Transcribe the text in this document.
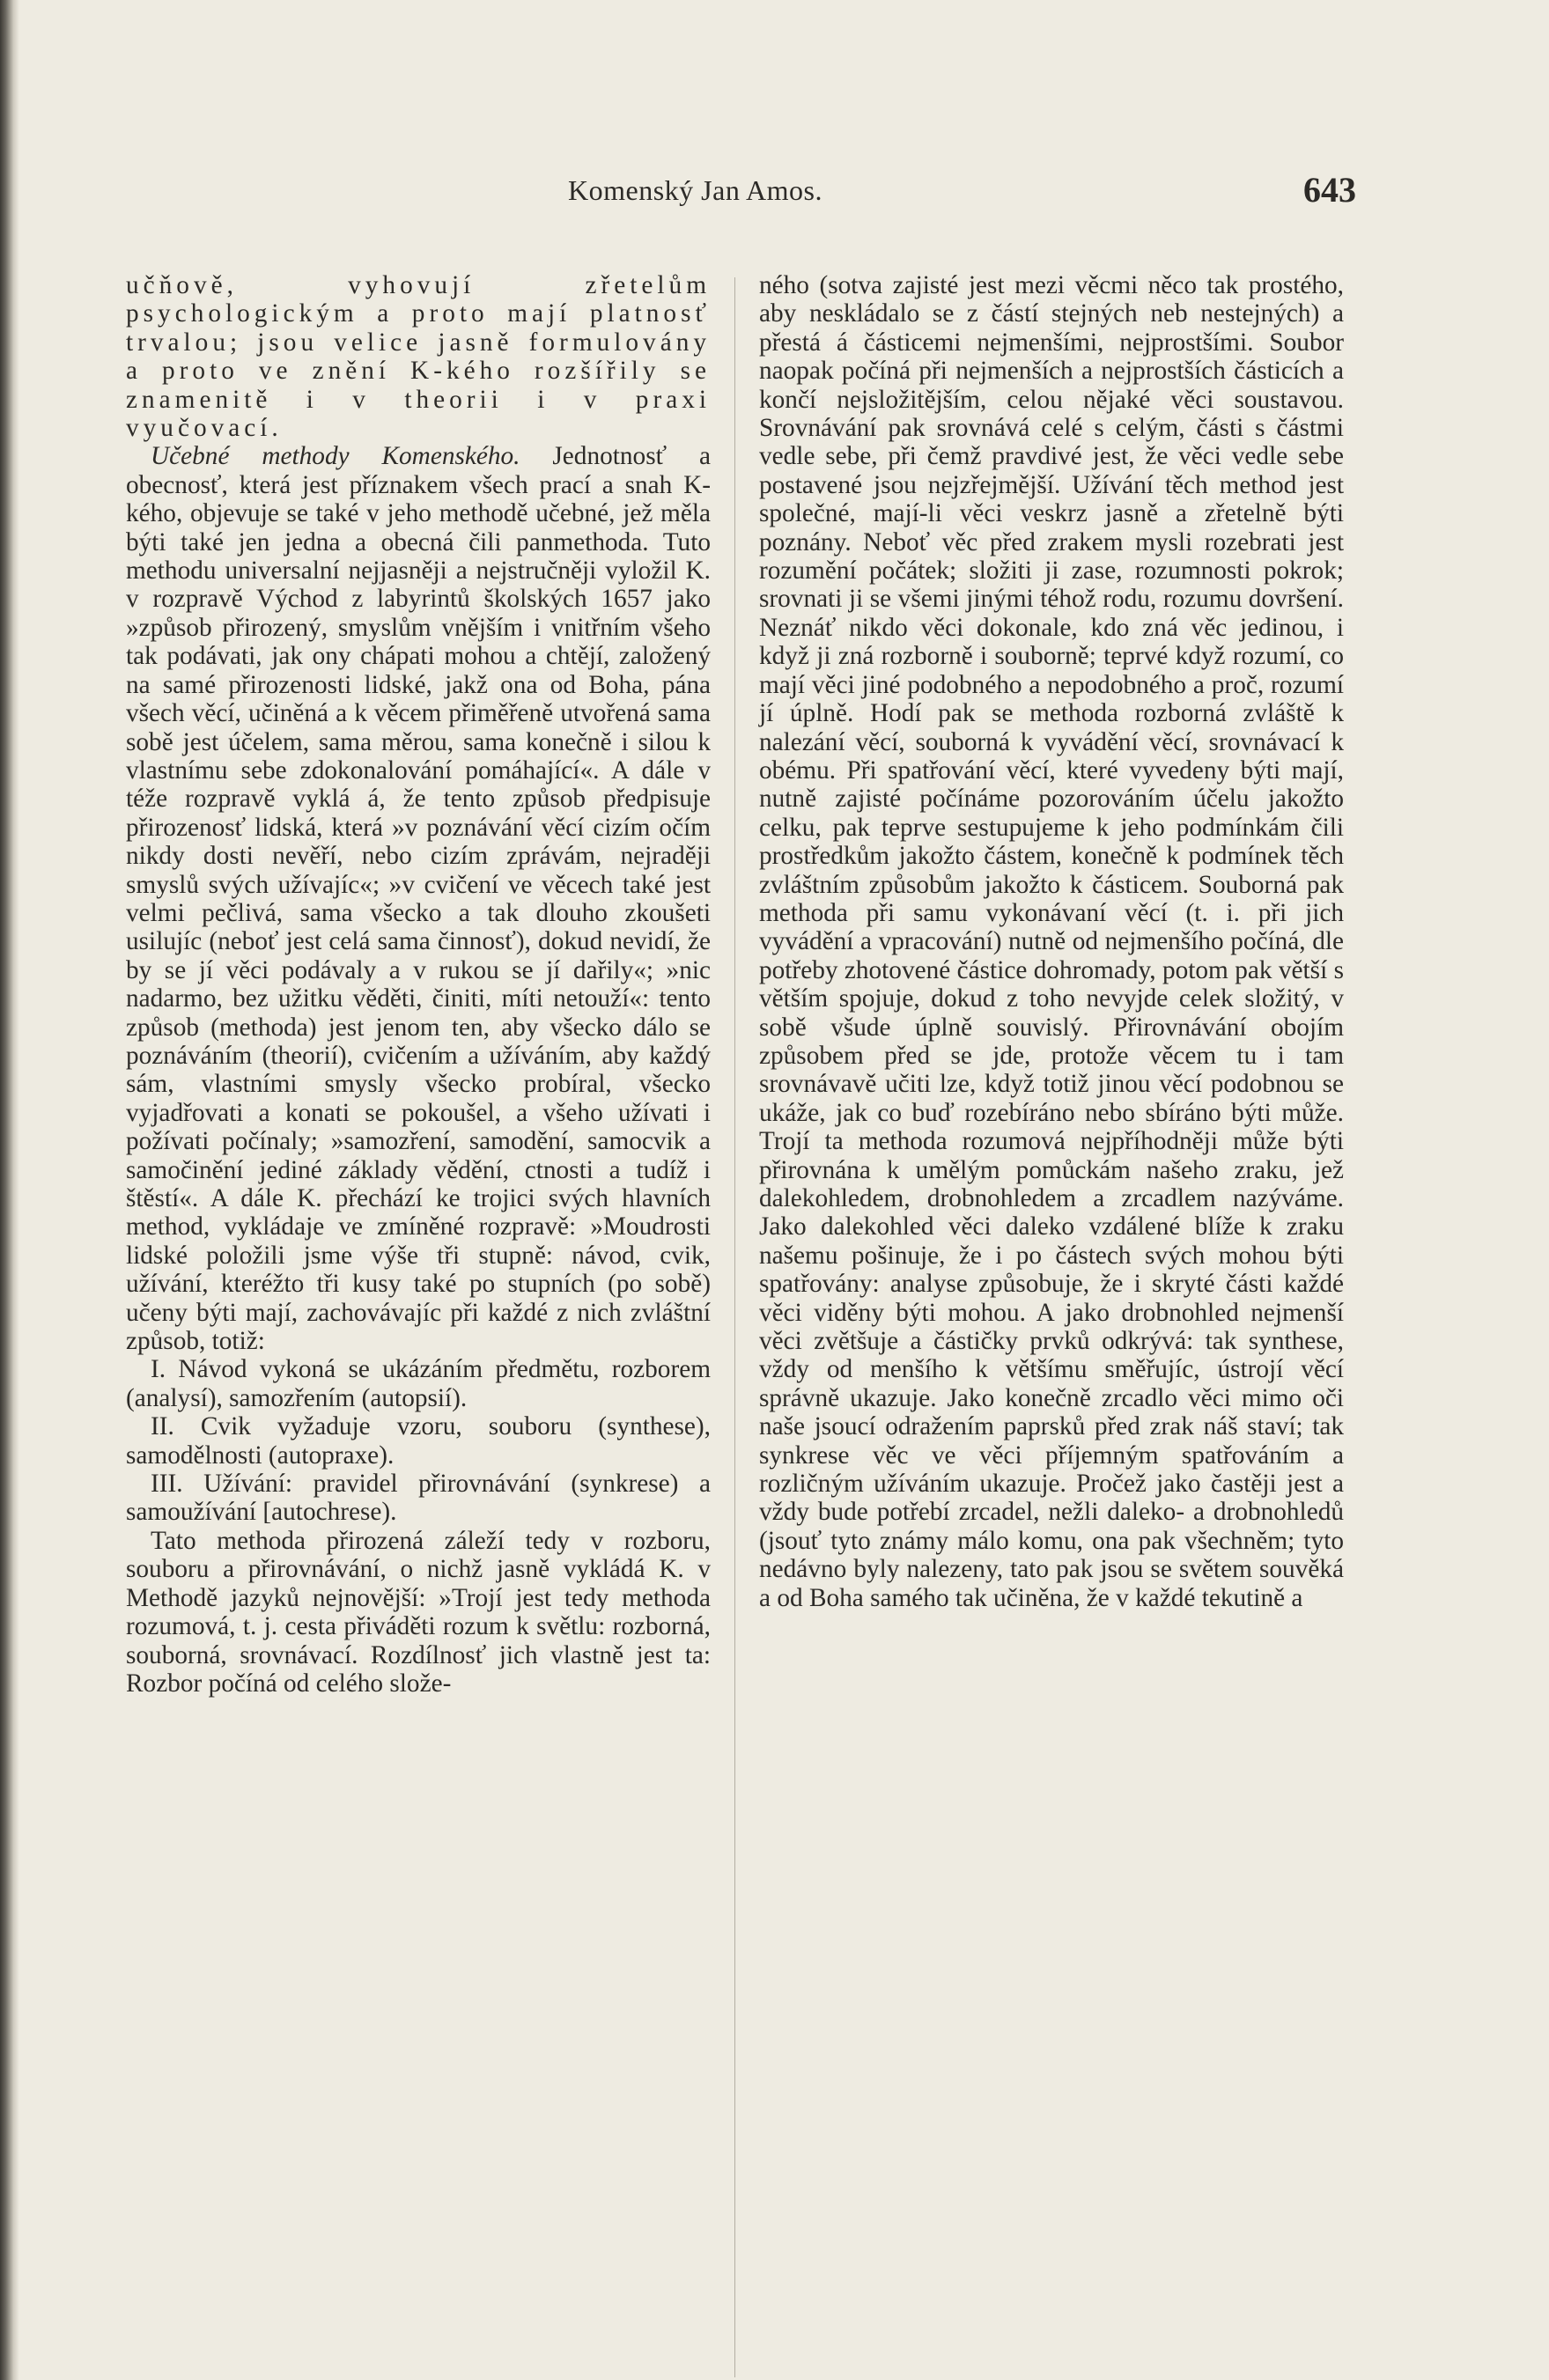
Komenský Jan Amos.	643

učňově, vyhovují zřetelům psychologickým a proto mají platnosť trvalou; jsou velice jasně formulovány a proto ve znění K-kého rozšířily se znamenitě i v theorii i v praxi vyučovací.

Učebné methody Komenského. Jednotnosť a obecnosť, která jest příznakem všech prací a snah K-kého, objevuje se také v jeho methodě učebné, jež měla býti také jen jedna a obecná čili panmethoda. Tuto methodu universalní nejjasněji a nejstručněji vyložil K. v rozpravě Východ z labyrintů školských 1657 jako »způsob přirozený, smyslům vnějším i vnitřním všeho tak podávati, jak ony chápati mohou a chtějí, založený na samé přirozenosti lidské, jakž ona od Boha, pána všech věcí, učiněná a k věcem přiměřeně utvořená sama sobě jest účelem, sama měrou, sama konečně i silou k vlastnímu sebe zdokonalování pomáhající«. A dále v téže rozpravě vyklá á, že tento způsob předpisuje přirozenosť lidská, která »v poznávání věcí cizím očím nikdy dosti nevěří, nebo cizím zprávám, nejraději smyslů svých užívajíc«; »v cvičení ve věcech také jest velmi pečlivá, sama všecko a tak dlouho zkoušeti usilujíc (neboť jest celá sama činnosť), dokud nevidí, že by se jí věci podávaly a v rukou se jí dařily«; »nic nadarmo, bez užitku věděti, činiti, míti netouží«: tento způsob (methoda) jest jenom ten, aby všecko dálo se poznáváním (theorií), cvičením a užíváním, aby každý sám, vlastními smysly všecko probíral, všecko vyjadřovati a konati se pokoušel, a všeho užívati i požívati počínaly; »samozření, samodění, samocvik a samočinění jediné základy vědění, ctnosti a tudíž i štěstí«. A dále K. přechází ke trojici svých hlavních method, vykládaje ve zmíněné rozpravě: »Moudrosti lidské položili jsme výše tři stupně: návod, cvik, užívání, kteréžto tři kusy také po stupních (po sobě) učeny býti mají, zachovávajíc při každé z nich zvláštní způsob, totiž:

I. Návod vykoná se ukázáním předmětu, rozborem (analysí), samozřením (autopsií).

II. Cvik vyžaduje vzoru, souboru (synthese), samodělnosti (autopraxe).

III. Užívání: pravidel přirovnávání (synkrese) a samoužívání [autochrese).

Tato methoda přirozená záleží tedy v rozboru, souboru a přirovnávání, o nichž jasně vykládá K. v Methodě jazyků nejnovější: »Trojí jest tedy methoda rozumová, t. j. cesta přiváděti rozum k světlu: rozborná, souborná, srovnávací. Rozdílnosť jich vlastně jest ta: Rozbor počíná od celého slože-

ného (sotva zajisté jest mezi věcmi něco tak prostého, aby neskládalo se z částí stejných neb nestejných) a přestá á částicemi nejmenšími, nejprostšími. Soubor naopak počíná při nejmenších a nejprostších částicích a končí nejsložitějším, celou nějaké věci soustavou. Srovnávání pak srovnává celé s celým, části s částmi vedle sebe, při čemž pravdivé jest, že věci vedle sebe postavené jsou nejzřejmější. Užívání těch method jest společné, mají-li věci veskrz jasně a zřetelně býti poznány. Neboť věc před zrakem mysli rozebrati jest rozumění počátek; složiti ji zase, rozumnosti pokrok; srovnati ji se všemi jinými téhož rodu, rozumu dovršení. Neznáť nikdo věci dokonale, kdo zná věc jedinou, i když ji zná rozborně i souborně; teprvé když rozumí, co mají věci jiné podobného a nepodobného a proč, rozumí jí úplně. Hodí pak se methoda rozborná zvláště k nalezání věcí, souborná k vyvádění věcí, srovnávací k obému. Při spatřování věcí, které vyvedeny býti mají, nutně zajisté počínáme pozorováním účelu jakožto celku, pak teprve sestupujeme k jeho podmínkám čili prostředkům jakožto částem, konečně k podmínek těch zvláštním způsobům jakožto k částicem. Souborná pak methoda při samu vykonávaní věcí (t. i. při jich vyvádění a vpracování) nutně od nejmenšího počíná, dle potřeby zhotovené částice dohromady, potom pak větší s větším spojuje, dokud z toho nevyjde celek složitý, v sobě všude úplně souvislý. Přirovnávání obojím způsobem před se jde, protože věcem tu i tam srovnávavě učiti lze, když totiž jinou věcí podobnou se ukáže, jak co buď rozebíráno nebo sbíráno býti může. Trojí ta methoda rozumová nejpříhodněji může býti přirovnána k umělým pomůckám našeho zraku, jež dalekohledem, drobnohledem a zrcadlem nazýváme. Jako dalekohled věci daleko vzdálené blíže k zraku našemu pošinuje, že i po částech svých mohou býti spatřovány: analyse způsobuje, že i skryté části každé věci viděny býti mohou. A jako drobnohled nejmenší věci zvětšuje a částičky prvků odkrývá: tak synthese, vždy od menšího k většímu směřujíc, ústrojí věcí správně ukazuje. Jako konečně zrcadlo věci mimo oči naše jsoucí odražením paprsků před zrak náš staví; tak synkrese věc ve věci příjemným spatřováním a rozličným užíváním ukazuje. Pročež jako častěji jest a vždy bude potřebí zrcadel, nežli daleko- a drobnohledů (jsouť tyto známy málo komu, ona pak všechněm; tyto nedávno byly nalezeny, tato pak jsou se světem souvěká a od Boha samého tak učiněna, že v každé tekutině a
